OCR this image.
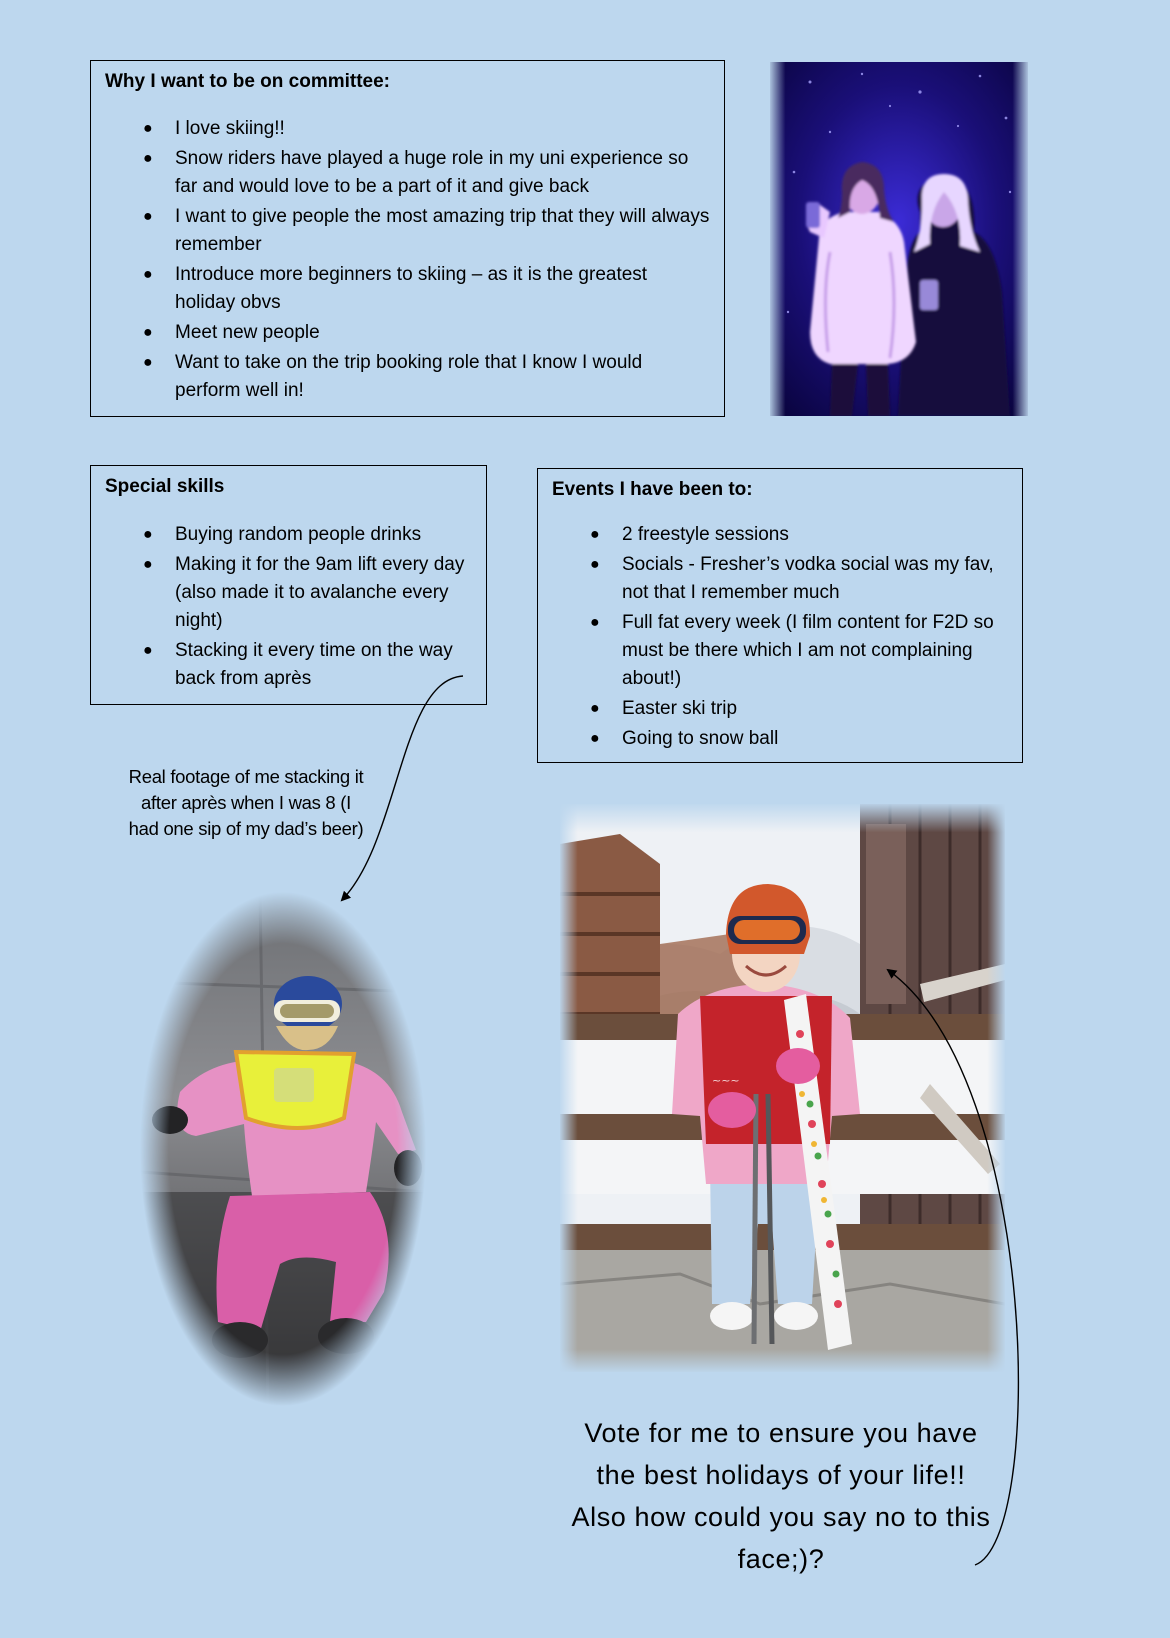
Why I want to be on committee:
● I love skiing!!
● Snow riders have played a huge role in my uni experience so far and would love to be a part of it and give back
● I want to give people the most amazing trip that they will always remember
● Introduce more beginners to skiing – as it is the greatest holiday obvs
● Meet new people
● Want to take on the trip booking role that I know I would perform well in!
Special skills
● Buying random people drinks
● Making it for the 9am lift every day (also made it to avalanche every night)
● Stacking it every time on the way back from après
Events I have been to:
● 2 freestyle sessions
● Socials - Fresher’s vodka social was my fav, not that I remember much
● Full fat every week (I film content for F2D so must be there which I am not complaining about!)
● Easter ski trip
● Going to snow ball
Real footage of me stacking it after après when I was 8 (I had one sip of my dad’s beer)
Vote for me to ensure you have the best holidays of your life!! Also how could you say no to this face;)?
